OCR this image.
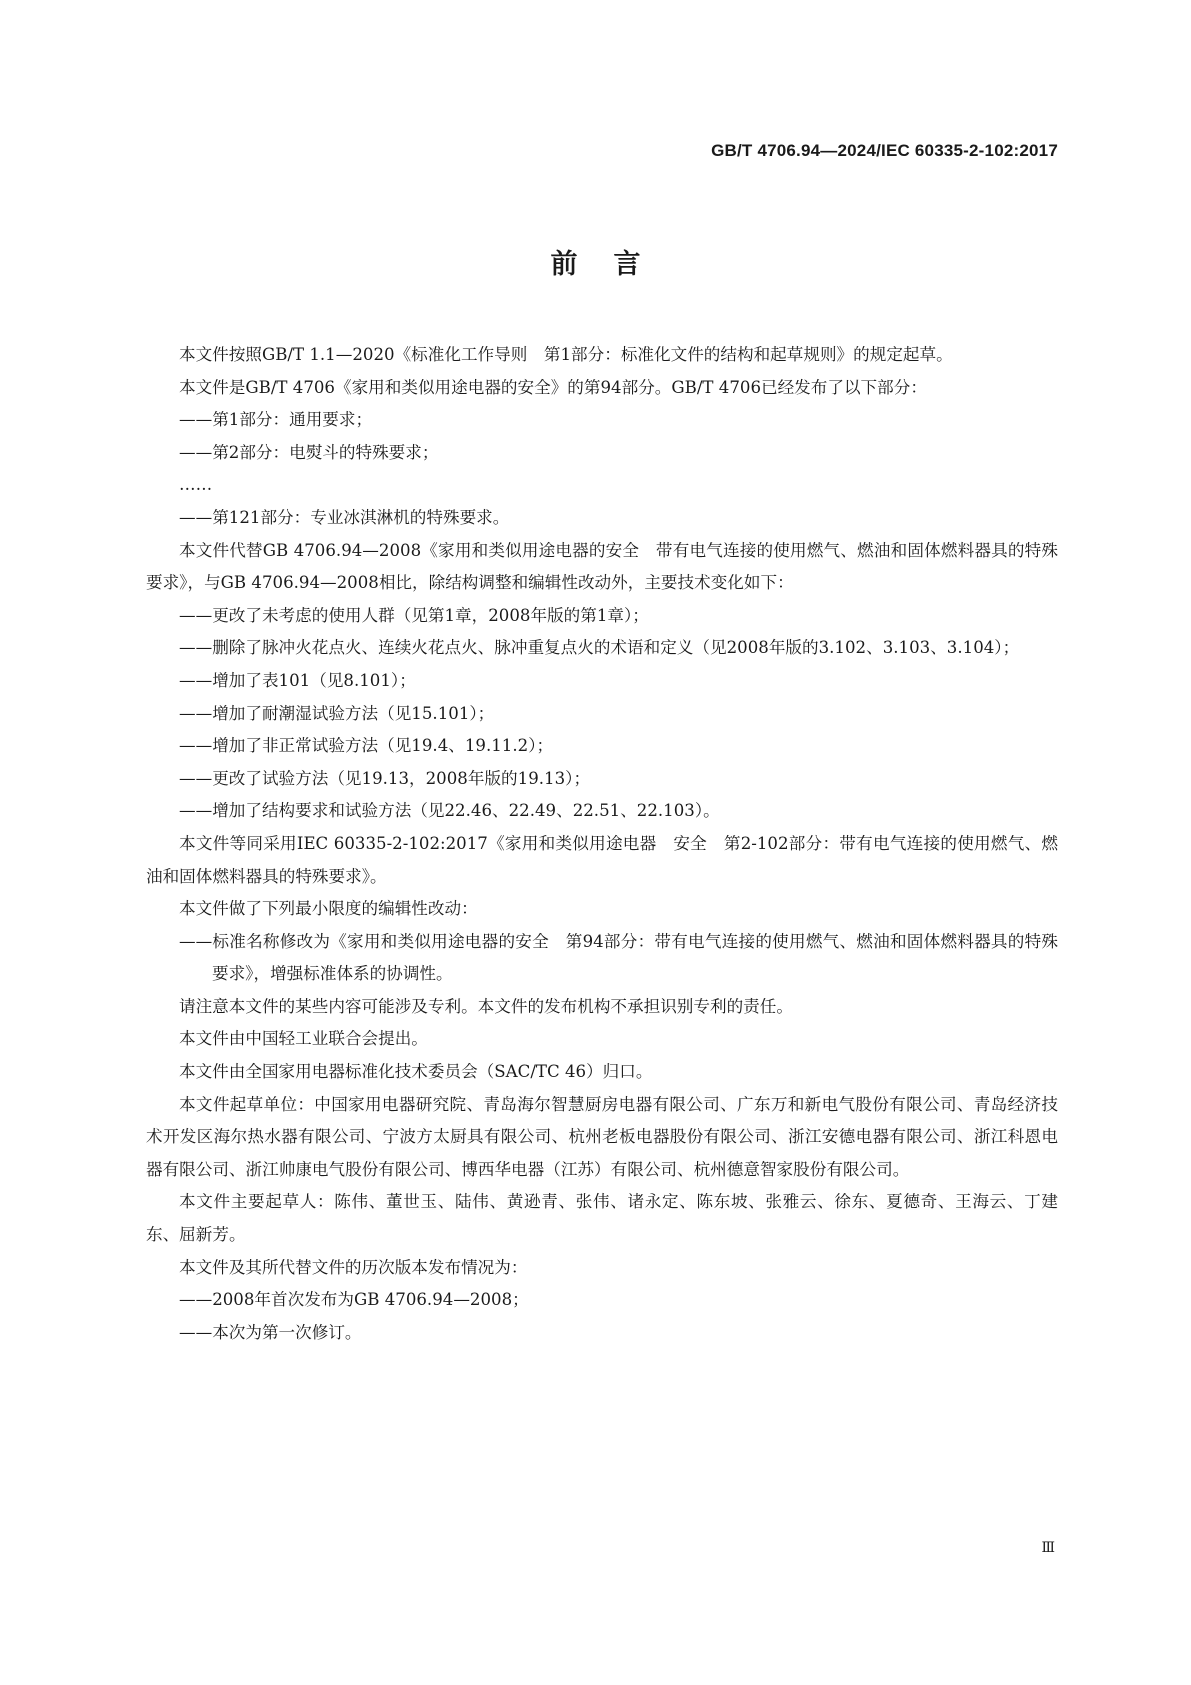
GB/T 4706.94—2024/IEC 60335-2-102:2017
前言
本文件按照GB/T 1.1—2020《标准化工作导则　第1部分：标准化文件的结构和起草规则》的规定起草。
本文件是GB/T 4706《家用和类似用途电器的安全》的第94部分。GB/T 4706已经发布了以下部分：
——第1部分：通用要求；
——第2部分：电熨斗的特殊要求；
……
——第121部分：专业冰淇淋机的特殊要求。
本文件代替GB 4706.94—2008《家用和类似用途电器的安全　带有电气连接的使用燃气、燃油和固体燃料器具的特殊要求》，与GB 4706.94—2008相比，除结构调整和编辑性改动外，主要技术变化如下：
——更改了未考虑的使用人群（见第1章，2008年版的第1章）；
——删除了脉冲火花点火、连续火花点火、脉冲重复点火的术语和定义（见2008年版的3.102、3.103、3.104）；
——增加了表101（见8.101）；
——增加了耐潮湿试验方法（见15.101）；
——增加了非正常试验方法（见19.4、19.11.2）；
——更改了试验方法（见19.13，2008年版的19.13）；
——增加了结构要求和试验方法（见22.46、22.49、22.51、22.103）。
本文件等同采用IEC 60335-2-102:2017《家用和类似用途电器　安全　第2-102部分：带有电气连接的使用燃气、燃油和固体燃料器具的特殊要求》。
本文件做了下列最小限度的编辑性改动：
——标准名称修改为《家用和类似用途电器的安全　第94部分：带有电气连接的使用燃气、燃油和固体燃料器具的特殊要求》，增强标准体系的协调性。
请注意本文件的某些内容可能涉及专利。本文件的发布机构不承担识别专利的责任。
本文件由中国轻工业联合会提出。
本文件由全国家用电器标准化技术委员会（SAC/TC 46）归口。
本文件起草单位：中国家用电器研究院、青岛海尔智慧厨房电器有限公司、广东万和新电气股份有限公司、青岛经济技术开发区海尔热水器有限公司、宁波方太厨具有限公司、杭州老板电器股份有限公司、浙江安德电器有限公司、浙江科恩电器有限公司、浙江帅康电气股份有限公司、博西华电器（江苏）有限公司、杭州德意智家股份有限公司。
本文件主要起草人：陈伟、董世玉、陆伟、黄逊青、张伟、诸永定、陈东坡、张雅云、徐东、夏德奇、王海云、丁建东、屈新芳。
本文件及其所代替文件的历次版本发布情况为：
——2008年首次发布为GB 4706.94—2008；
——本次为第一次修订。
Ⅲ
